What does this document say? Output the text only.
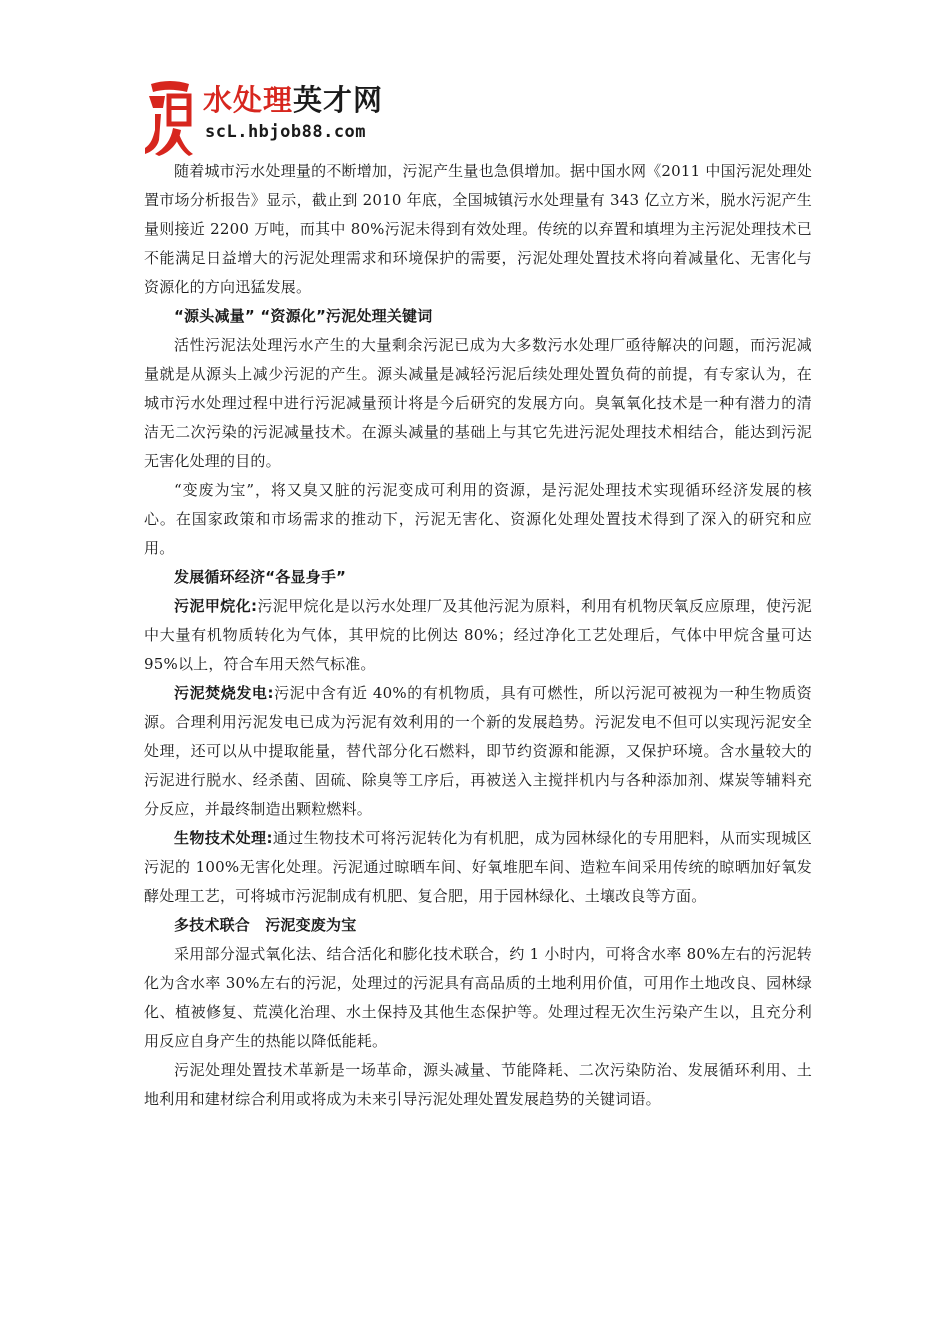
水处理英才网
scL.hbjob88.com

随着城市污水处理量的不断增加，污泥产生量也急俱增加。据中国水网《2011 中国污泥处理处置市场分析报告》显示，截止到 2010 年底，全国城镇污水处理量有 343 亿立方米，脱水污泥产生量则接近 2200 万吨，而其中 80%污泥未得到有效处理。传统的以弃置和填埋为主污泥处理技术已不能满足日益增大的污泥处理需求和环境保护的需要，污泥处理处置技术将向着减量化、无害化与资源化的方向迅猛发展。

“源头减量” “资源化”污泥处理关键词

活性污泥法处理污水产生的大量剩余污泥已成为大多数污水处理厂亟待解决的问题，而污泥减量就是从源头上减少污泥的产生。源头减量是减轻污泥后续处理处置负荷的前提，有专家认为，在城市污水处理过程中进行污泥减量预计将是今后研究的发展方向。臭氧氧化技术是一种有潜力的清洁无二次污染的污泥减量技术。在源头减量的基础上与其它先进污泥处理技术相结合，能达到污泥无害化处理的目的。

“变废为宝”，将又臭又脏的污泥变成可利用的资源，是污泥处理技术实现循环经济发展的核心。在国家政策和市场需求的推动下，污泥无害化、资源化处理处置技术得到了深入的研究和应用。

发展循环经济“各显身手”

污泥甲烷化:污泥甲烷化是以污水处理厂及其他污泥为原料，利用有机物厌氧反应原理，使污泥中大量有机物质转化为气体，其甲烷的比例达 80%；经过净化工艺处理后，气体中甲烷含量可达 95%以上，符合车用天然气标准。

污泥焚烧发电:污泥中含有近 40%的有机物质，具有可燃性，所以污泥可被视为一种生物质资源。合理利用污泥发电已成为污泥有效利用的一个新的发展趋势。污泥发电不但可以实现污泥安全处理，还可以从中提取能量，替代部分化石燃料，即节约资源和能源，又保护环境。含水量较大的污泥进行脱水、经杀菌、固硫、除臭等工序后，再被送入主搅拌机内与各种添加剂、煤炭等辅料充分反应，并最终制造出颗粒燃料。

生物技术处理:通过生物技术可将污泥转化为有机肥，成为园林绿化的专用肥料，从而实现城区污泥的 100%无害化处理。污泥通过晾晒车间、好氧堆肥车间、造粒车间采用传统的晾晒加好氧发酵处理工艺，可将城市污泥制成有机肥、复合肥，用于园林绿化、土壤改良等方面。

多技术联合　污泥变废为宝

采用部分湿式氧化法、结合活化和膨化技术联合，约 1 小时内，可将含水率 80%左右的污泥转化为含水率 30%左右的污泥，处理过的污泥具有高品质的土地利用价值，可用作土地改良、园林绿化、植被修复、荒漠化治理、水土保持及其他生态保护等。处理过程无次生污染产生以，且充分利用反应自身产生的热能以降低能耗。

污泥处理处置技术革新是一场革命，源头减量、节能降耗、二次污染防治、发展循环利用、土地利用和建材综合利用或将成为未来引导污泥处理处置发展趋势的关键词语。
